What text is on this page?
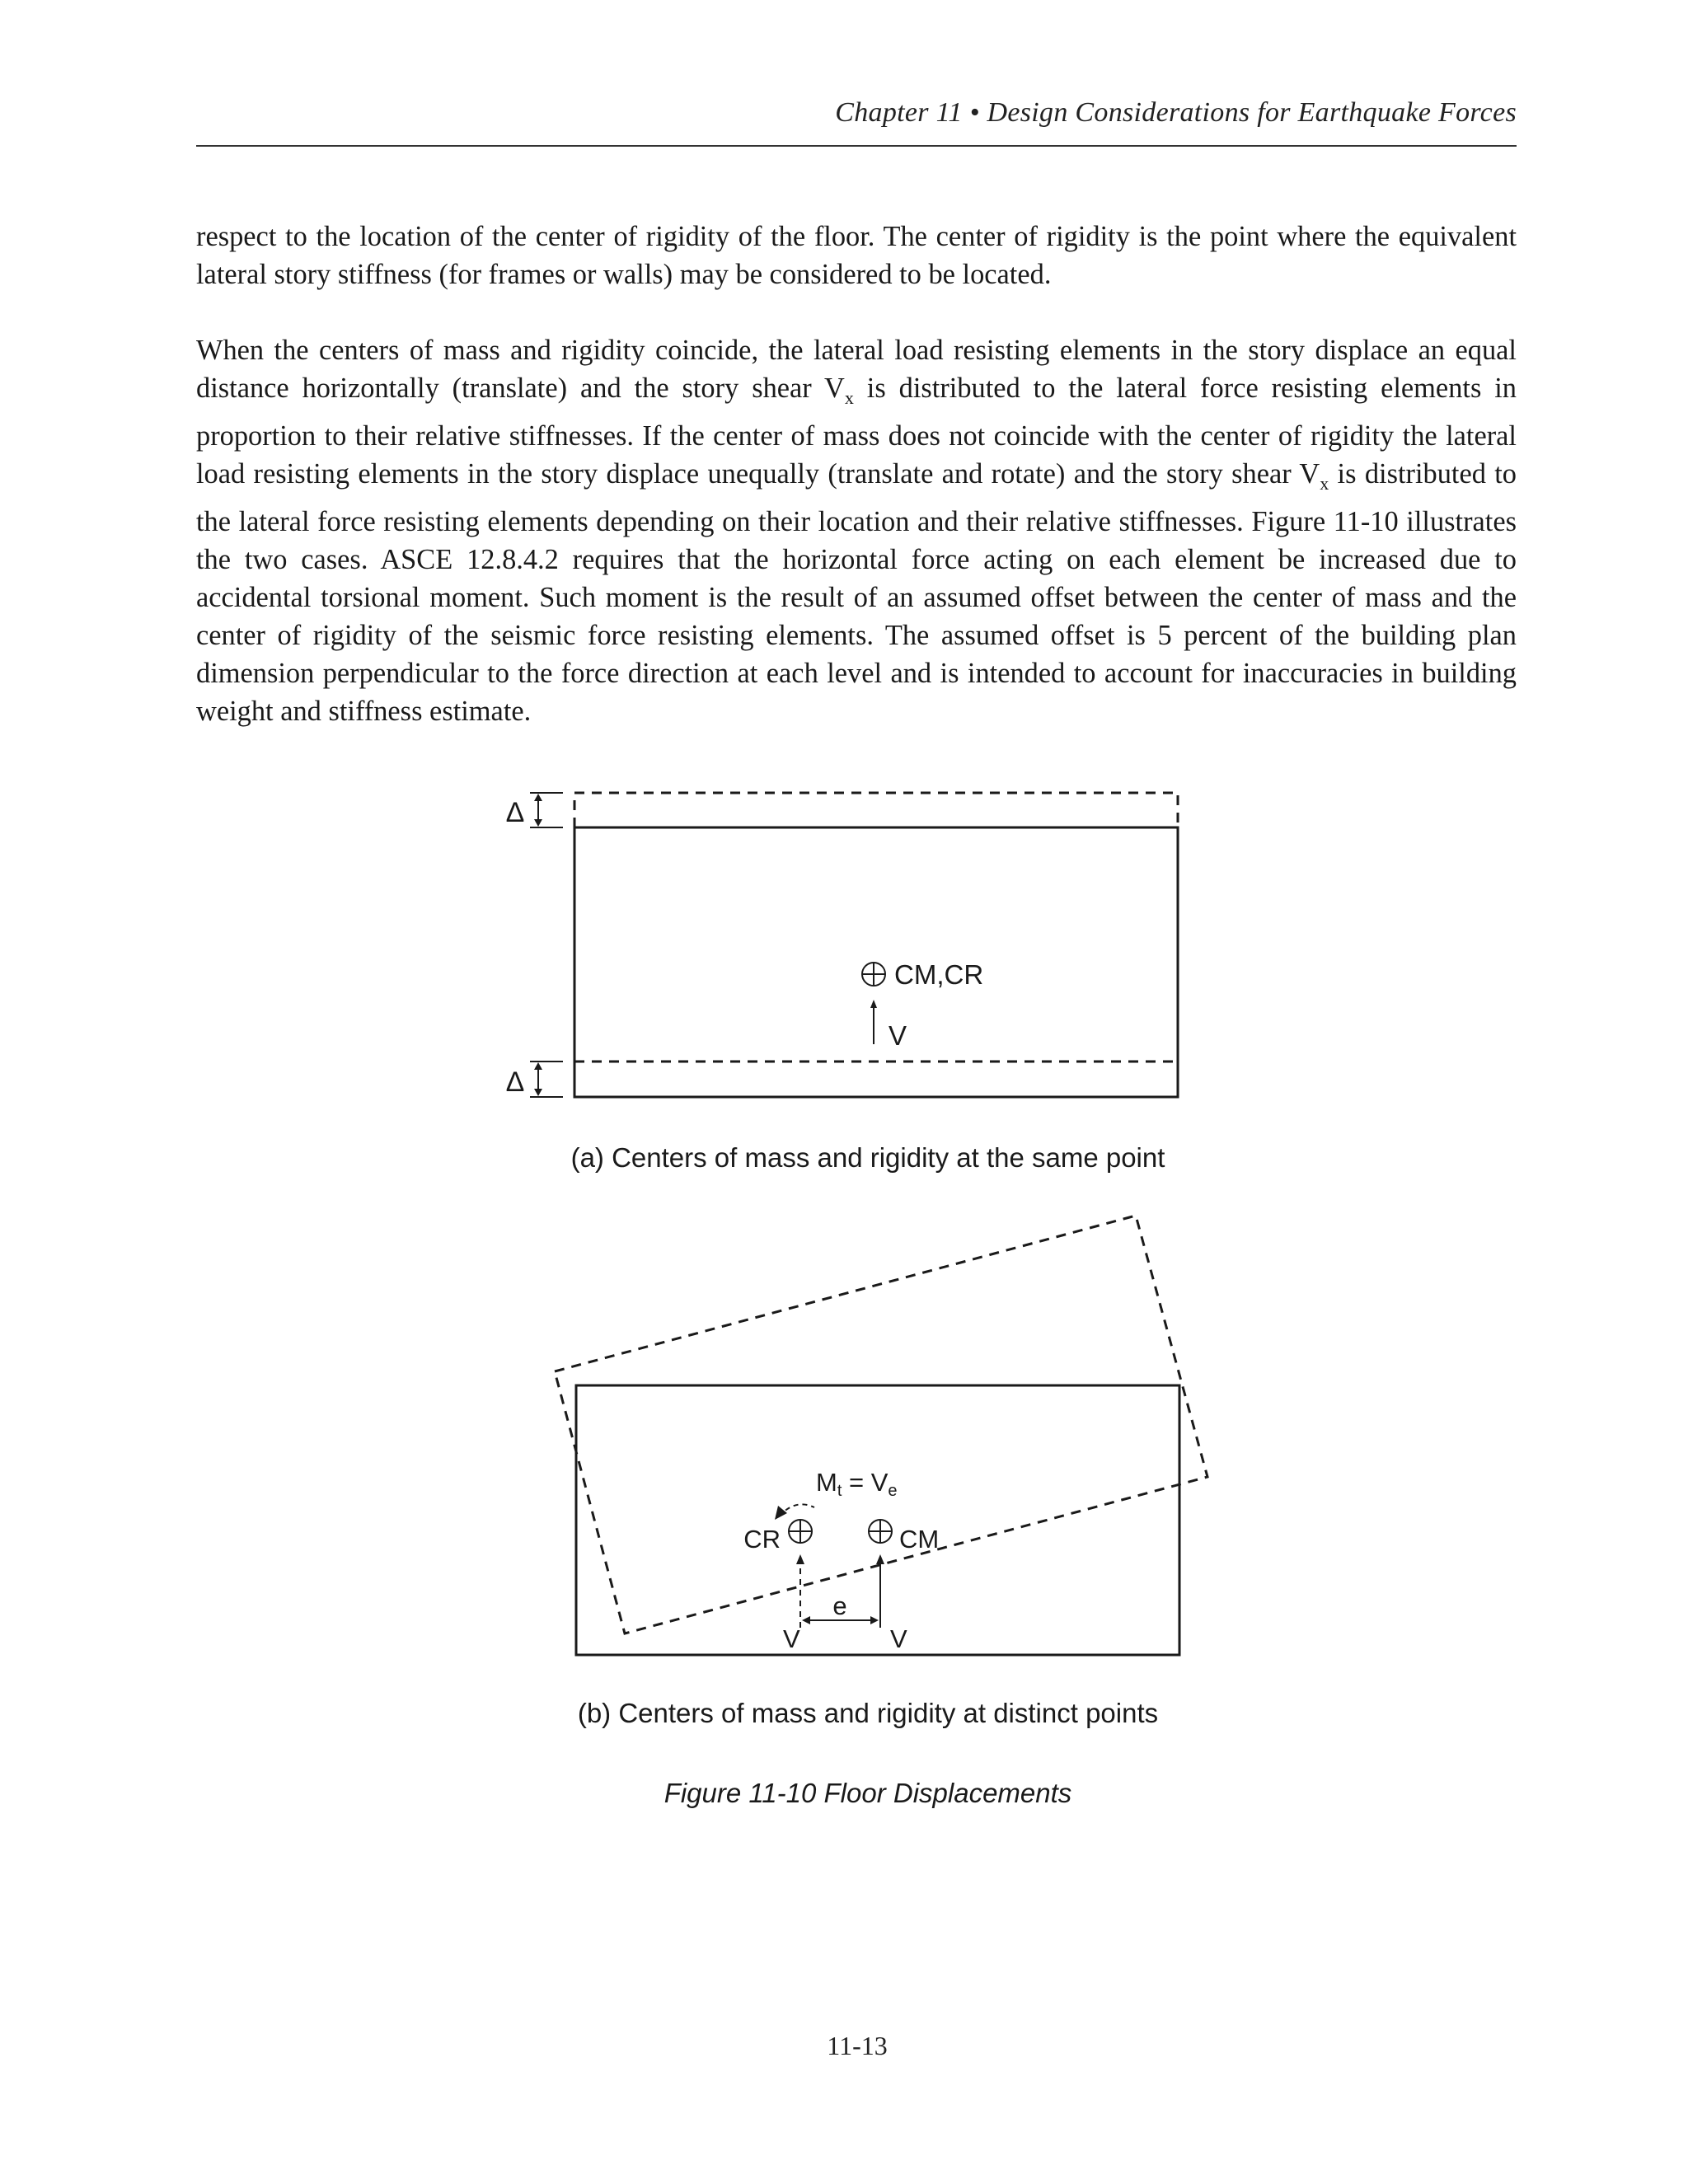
Chapter 11 • Design Considerations for Earthquake Forces

respect to the location of the center of rigidity of the floor. The center of rigidity is the point where the equivalent lateral story stiffness (for frames or walls) may be considered to be located.

When the centers of mass and rigidity coincide, the lateral load resisting elements in the story displace an equal distance horizontally (translate) and the story shear $V_x$ is distributed to the lateral force resisting elements in proportion to their relative stiffnesses. If the center of mass does not coincide with the center of rigidity the lateral load resisting elements in the story displace unequally (translate and rotate) and the story shear $V_x$ is distributed to the lateral force resisting elements depending on their location and their relative stiffnesses. Figure 11-10 illustrates the two cases. ASCE 12.8.4.2 requires that the horizontal force acting on each element be increased due to accidental torsional moment. Such moment is the result of an assumed offset between the center of mass and the center of rigidity of the seismic force resisting elements. The assumed offset is 5 percent of the building plan dimension perpendicular to the force direction at each level and is intended to account for inaccuracies in building weight and stiffness estimate.

Δ
Δ
CM,CR
V
Mt = Ve
CR	CM
V	V
e
(a) Centers of mass and rigidity at the same point
(b) Centers of mass and rigidity at distinct points
Figure 11-10 Floor Displacements
11-13
